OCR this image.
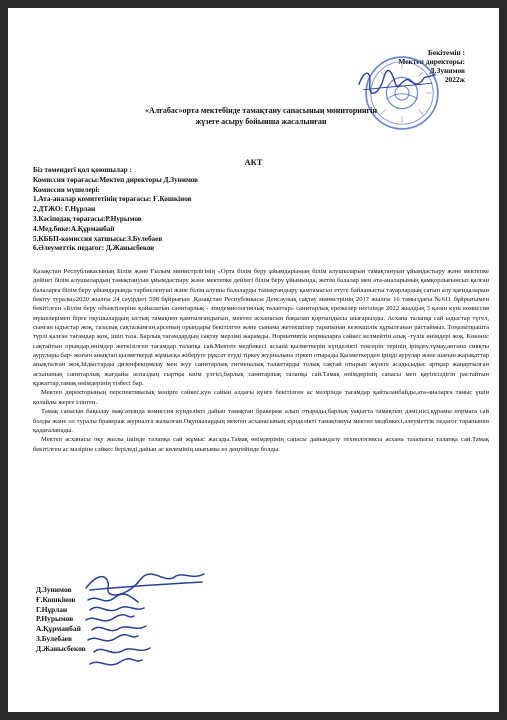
Бекітемін :
Мектеп директоры:
Д.Зунимов
2022ж
«Алғабас»орта мектебінде тамақтану сапасының мониторингін жүзеге асыру бойынша жасалынған
АКТ
Біз төмендегі қол қоюшылар :
Комиссия төрағасы:Мектеп директоры Д.Зунимов
Комиссия мүшелері:
1.Ата-аналар комитетінің төрағасы: Ғ.Кошкінов
2.ДТЖО: Г.Нұрлан
3.Кәсіподақ төрағасы:Р.Нурымов
4.Мед.бике:А.Құрманбай
5.КББП-комиссия хатшысы:З.Булебаев
6.Әлеуметтік педагог: Д.Жаныcбеков

Қазақстан Республикасының Білім және Ғылым министрлігінің «Орта білім беру ұйымдарының білім алушыларын тамақтануын ұйымдастыру және мектепке дейінгі білім алушылардың тамақтануын ұйымдастыру және мектепке дейінгі білім беру ұйымында, жетім балалар мен ата-аналарының қамқорлығынсыз қалған балаларға білім беру ұйымдарында тәрбиеленуші және білім алушы балаларды тамақтандыру қамтамасыз етуге байланысты тауарлардың сатып алу қағидаларын бекіту туралы»2020 жылғы 24 сәуірдегі 598 бұйрығын ,Қазақстан Республикасы Денсаулық сақтау министрінің 2017 жылғы 16 тамыздағы №611 бұйрығымен бекітілген «Білім беру объектілеріне қойылатын санитарлық - эпидемиологиялық талаптар» санитарлық ережелер негізінде 2022 жылдың 3 қазан күні комиссия мүшелерімен бірге оқушылардың ыстық тамақпен қамтылғандығын, мектеп асханасын бақылап қортындысы шығарылды. Асхана талапқа сай ыдыстар түгел, сынған ыдыстар жоқ, тазалық сақталынған,арсеның орындары бекітілген және сынама жетекшілер тарапынан кезекшілік құрылғанан растаймыз. Тоңазытқышта түрлі қалған тағамдар жоқ, ішіп таза. Барлық тағамдардың сақтау мерзімі жарамды. Нормативтік нормаларға сәйкес келмейтін азық -түлік өнімдері жоқ. Көкөніс сақтайтын орындар,өнімдер жеткізілген тағамдар талапқа сай.Мектеп медбикесі асхана қызметкерін күнделікті тексеріп терінің іріңдеу,тұмау,ангина сияқты аурулары бар- жоғын анықтап қызметкерді жұмысқа жіберуге рұқсат етуді тіркеу журналына тіркеп отырады.Қызметкерден іріңді аурулар және шағын жарақаттар анықталған жоқ.Ыдыстарды дизенфекциялау мен жуу санитарлық гигиеналық талаптарды толық сақтай отырып жүзеге асады,ыдыс артқыр жаңартылған асхананың санитарлық жағдайы аспаздың сыртқы киім үлгісі,барлық санитарлық талапқа сай.Тамақ өнімдерінің сапасы мен қауіпсіздігін растайтын құжаттар,тамақ өнімдерінің тізбесі бар.

Мектеп директорының перспективалық мәзірге сәйкес,күн сайын алдағы күнге бекітілген ас мәзірінде тағамдар қайталанбайды,ата-аналарға таныс үшін қолайлы жерге ілінген.

Тамақ сапасын бақылау мақсатында комиссия күнделікті дайын тамақтан бракераж алып отырады,барлық уақытта тамақтың дәмі,иісі,құрамы нормаға сай болды және ол туралы бракераж журналға жазылған.Оқушылардың мектеп асханасының күнделікті тамақтануы мектеп медбикесі,әлеуметтік педагог тарапынан қадағаланады.

Мектеп асханасы оқу жылы ішінде талапқа сай жұмыс жасады.Тамақ өнімдерінің сапасы дайындалу технологиясы асхана тазалығы талапқа сай.Тамақ бекітілген ас мәзіріне сәйкес беріледі,дайын ас көлемінің шығымы өз деңгейінде болды.

Д.Зунимов
Ғ.Кошкінов
Г.Нұрлан
Р.Нурымов
А.Құрманбай
З.Булебаев
Д.Жаныcбеков
